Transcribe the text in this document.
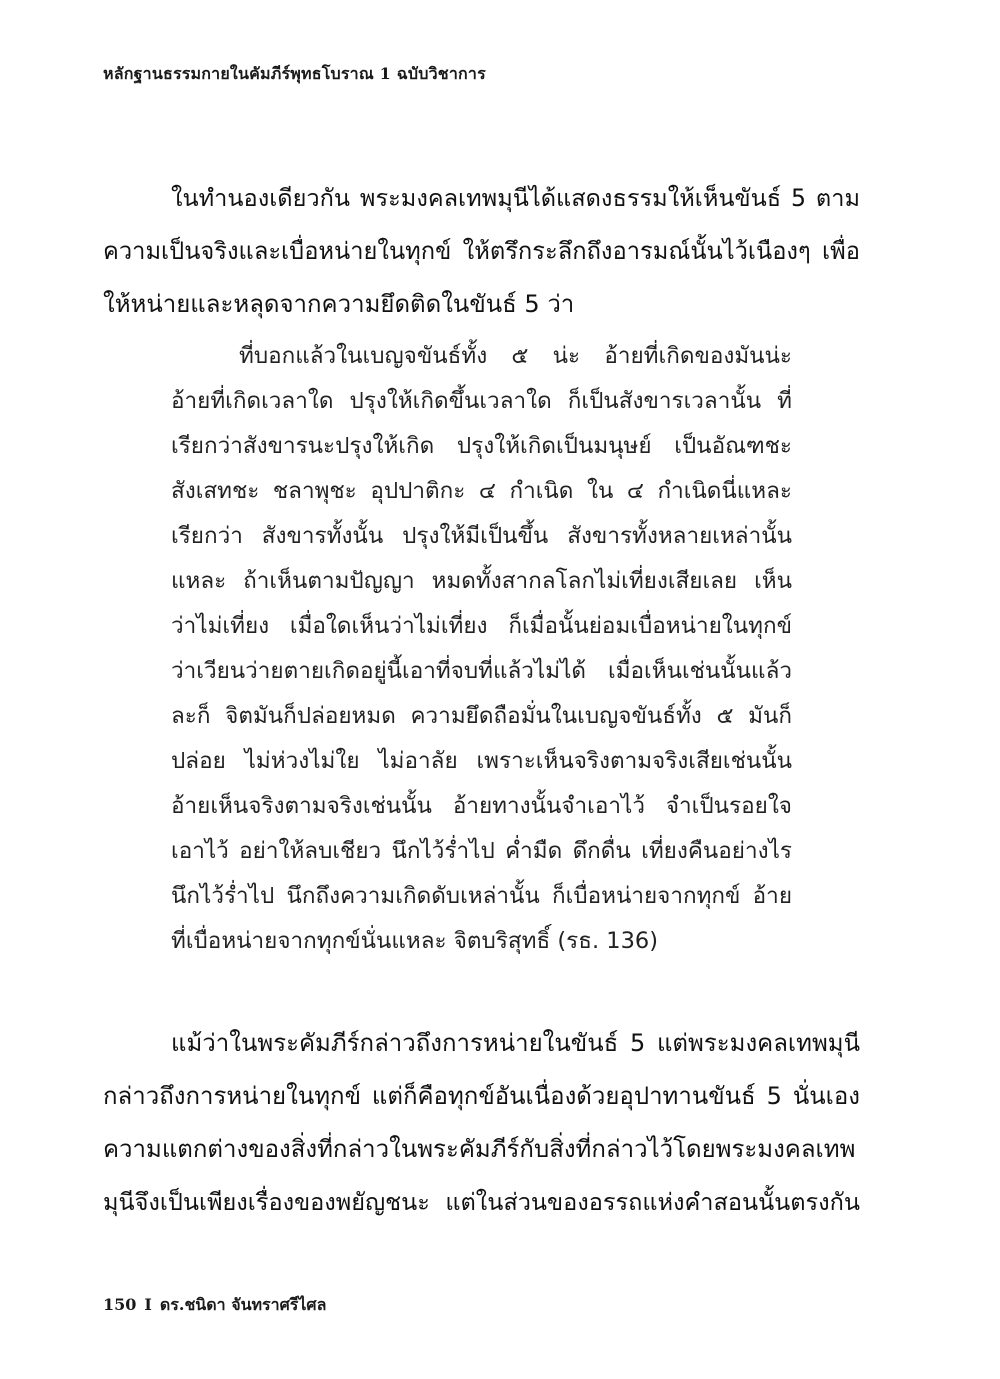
หลักฐานธรรมกายในคัมภีร์พุทธโบราณ 1 ฉบับวิชาการ
ในทำนองเดียวกัน พระมงคลเทพมุนีได้แสดงธรรมให้เห็นขันธ์ 5 ตาม
ความเป็นจริงและเบื่อหน่ายในทุกข์ ให้ตรึกระลึกถึงอารมณ์นั้นไว้เนืองๆ เพื่อ
ให้หน่ายและหลุดจากความยึดติดในขันธ์ 5 ว่า
ที่บอกแล้วในเบญจขันธ์ทั้ง ๕ น่ะ อ้ายที่เกิดของมันน่ะ
อ้ายที่เกิดเวลาใด ปรุงให้เกิดขึ้นเวลาใด ก็เป็นสังขารเวลานั้น ที่
เรียกว่าสังขารนะปรุงให้เกิด ปรุงให้เกิดเป็นมนุษย์ เป็นอัณฑชะ
สังเสทชะ ชลาพุชะ อุปปาติกะ ๔ กำเนิด ใน ๔ กำเนิดนี่แหละ
เรียกว่า สังขารทั้งนั้น ปรุงให้มีเป็นขึ้น สังขารทั้งหลายเหล่านั้น
แหละ ถ้าเห็นตามปัญญา หมดทั้งสากลโลกไม่เที่ยงเสียเลย เห็น
ว่าไม่เที่ยง เมื่อใดเห็นว่าไม่เที่ยง ก็เมื่อนั้นย่อมเบื่อหน่ายในทุกข์
ว่าเวียนว่ายตายเกิดอยู่นี้เอาที่จบที่แล้วไม่ได้ เมื่อเห็นเช่นนั้นแล้ว
ละก็ จิตมันก็ปล่อยหมด ความยึดถือมั่นในเบญจขันธ์ทั้ง ๕ มันก็
ปล่อย ไม่ห่วงไม่ใย ไม่อาลัย เพราะเห็นจริงตามจริงเสียเช่นนั้น
อ้ายเห็นจริงตามจริงเช่นนั้น อ้ายทางนั้นจำเอาไว้ จำเป็นรอยใจ
เอาไว้ อย่าให้ลบเชียว นึกไว้ร่ำไป ค่ำมืด ดึกดื่น เที่ยงคืนอย่างไร
นึกไว้ร่ำไป นึกถึงความเกิดดับเหล่านั้น ก็เบื่อหน่ายจากทุกข์ อ้าย
ที่เบื่อหน่ายจากทุกข์นั่นแหละ จิตบริสุทธิ์ (รธ. 136)
แม้ว่าในพระคัมภีร์กล่าวถึงการหน่ายในขันธ์ 5 แต่พระมงคลเทพมุนี
กล่าวถึงการหน่ายในทุกข์ แต่ก็คือทุกข์อันเนื่องด้วยอุปาทานขันธ์ 5 นั่นเอง
ความแตกต่างของสิ่งที่กล่าวในพระคัมภีร์กับสิ่งที่กล่าวไว้โดยพระมงคลเทพ
มุนีจึงเป็นเพียงเรื่องของพยัญชนะ แต่ในส่วนของอรรถแห่งคำสอนนั้นตรงกัน
150 I ดร.ชนิดา จันทราศรีไศล
